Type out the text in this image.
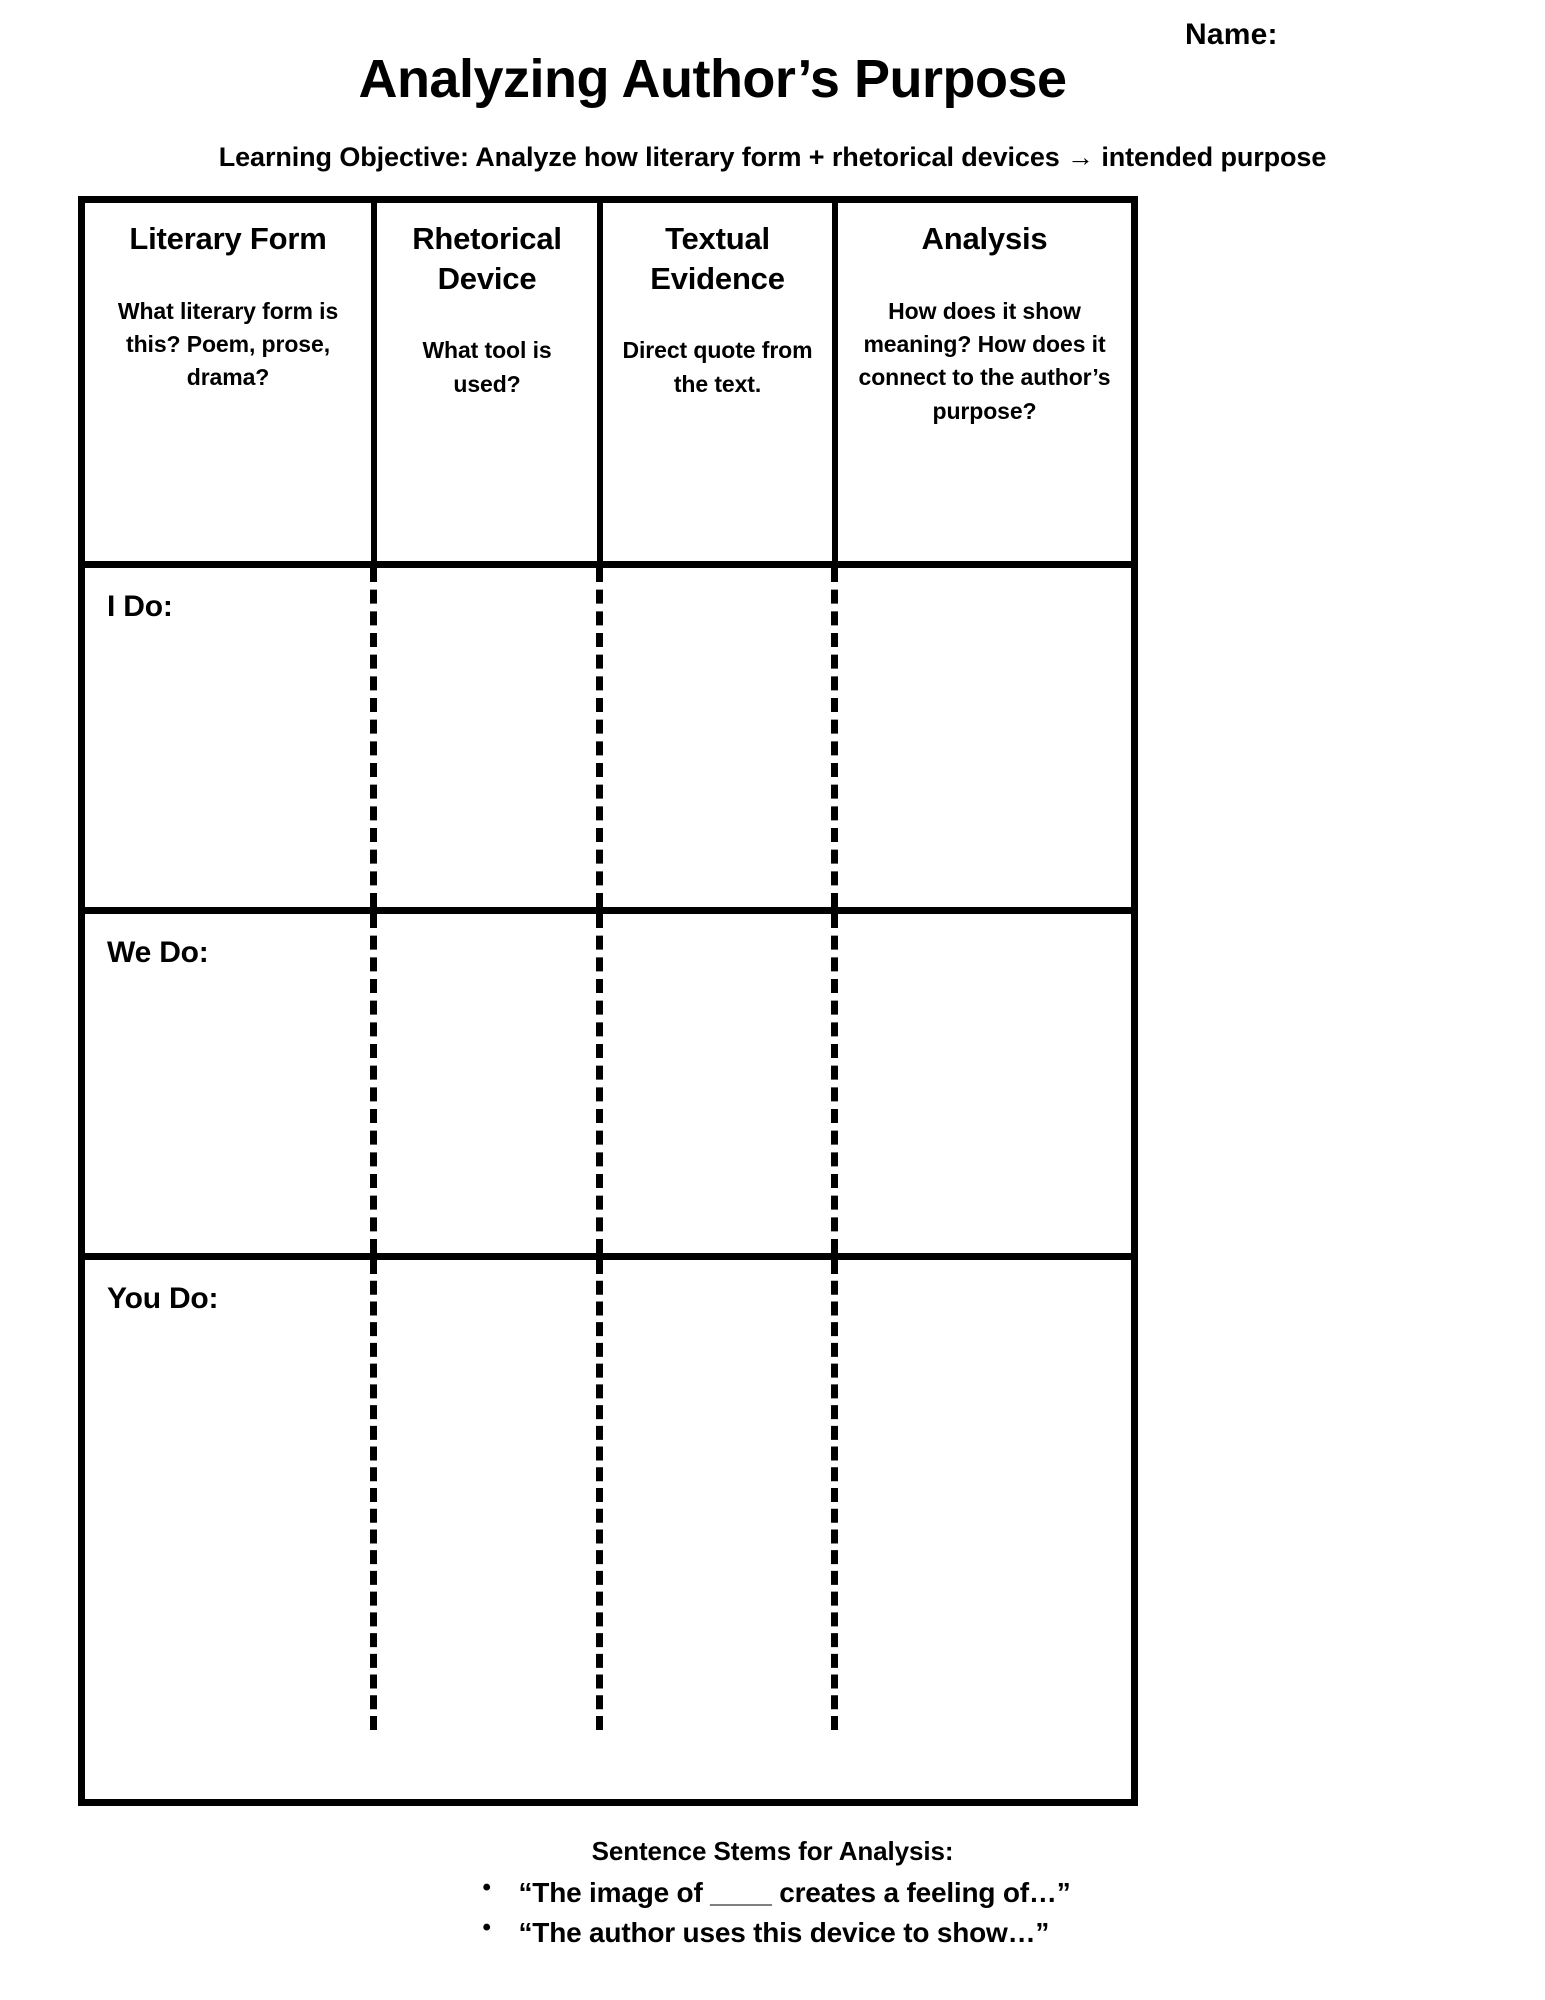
Name:
Analyzing Author’s Purpose
Learning Objective: Analyze how literary form + rhetorical devices → intended purpose
Literary Form
What literary form is this? Poem, prose, drama?
Rhetorical Device
What tool is used?
Textual Evidence
Direct quote from the text.
Analysis
How does it show meaning? How does it connect to the author’s purpose?
I Do:
We Do:
You Do:
Sentence Stems for Analysis:
• “The image of ____ creates a feeling of…”
• “The author uses this device to show…”
